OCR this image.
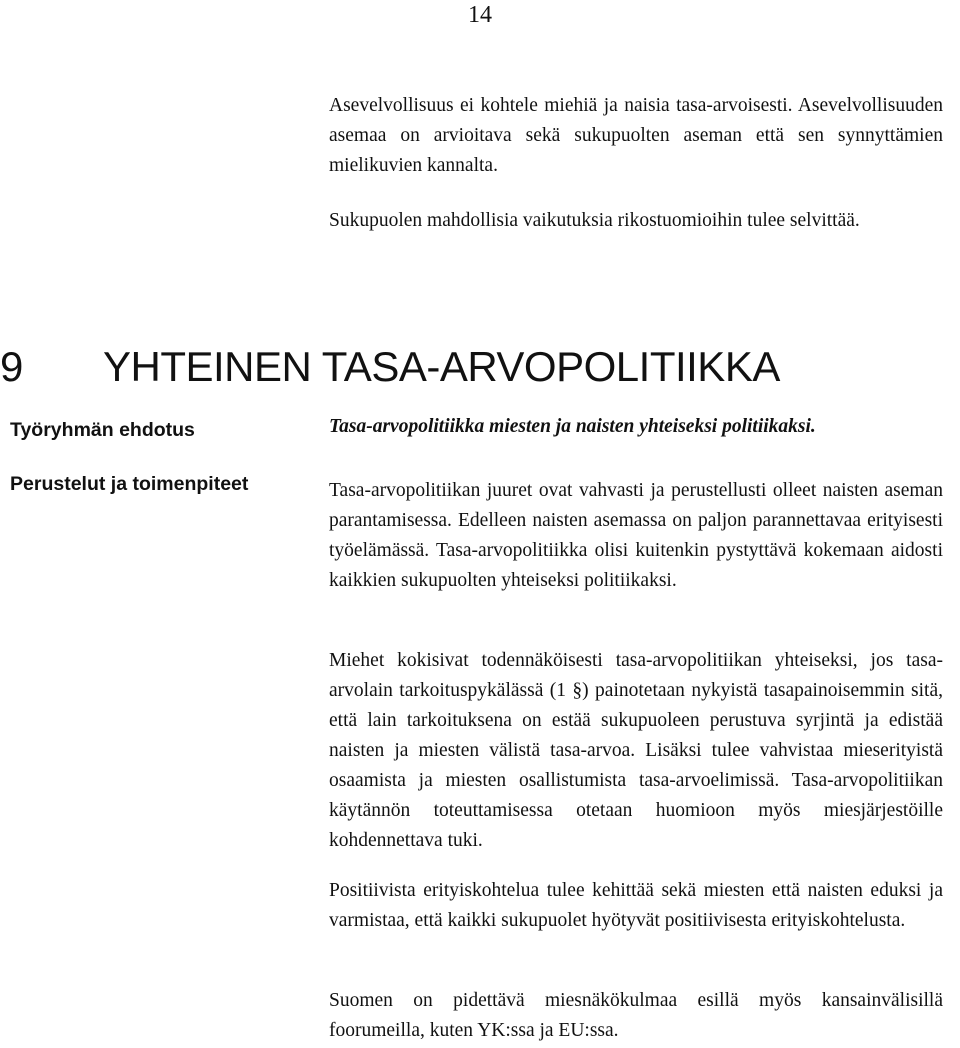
14

Asevelvollisuus ei kohtele miehiä ja naisia tasa-arvoisesti. Asevelvollisuuden asemaa on arvioitava sekä sukupuolten aseman että sen synnyttämien mielikuvien kannalta.

Sukupuolen mahdollisia vaikutuksia rikostuomioihin tulee selvittää.

9 YHTEINEN TASA-ARVOPOLITIIKKA
Työryhmän ehdotus
Perustelut ja toimenpiteet
Tasa-arvopolitiikka miesten ja naisten yhteiseksi politiikaksi.

Tasa-arvopolitiikan juuret ovat vahvasti ja perustellusti olleet naisten aseman parantamisessa. Edelleen naisten asemassa on paljon parannettavaa erityisesti työelämässä. Tasa-arvopolitiikka olisi kuitenkin pystyttävä kokemaan aidosti kaikkien sukupuolten yhteiseksi politiikaksi.

Miehet kokisivat todennäköisesti tasa-arvopolitiikan yhteiseksi, jos tasa-arvolain tarkoituspykälässä (1 §) painotetaan nykyistä tasapainoisemmin sitä, että lain tarkoituksena on estää sukupuoleen perustuva syrjintä ja edistää naisten ja miesten välistä tasa-arvoa. Lisäksi tulee vahvistaa mieserityistä osaamista ja miesten osallistumista tasa-arvoelimissä. Tasa-arvopolitiikan käytännön toteuttamisessa otetaan huomioon myös miesjärjestöille kohdennettava tuki.

Positiivista erityiskohtelua tulee kehittää sekä miesten että naisten eduksi ja varmistaa, että kaikki sukupuolet hyötyvät positiivisesta erityiskohtelusta.

Suomen on pidettävä miesnäkökulmaa esillä myös kansainvälisillä foorumeilla, kuten YK:ssa ja EU:ssa.
